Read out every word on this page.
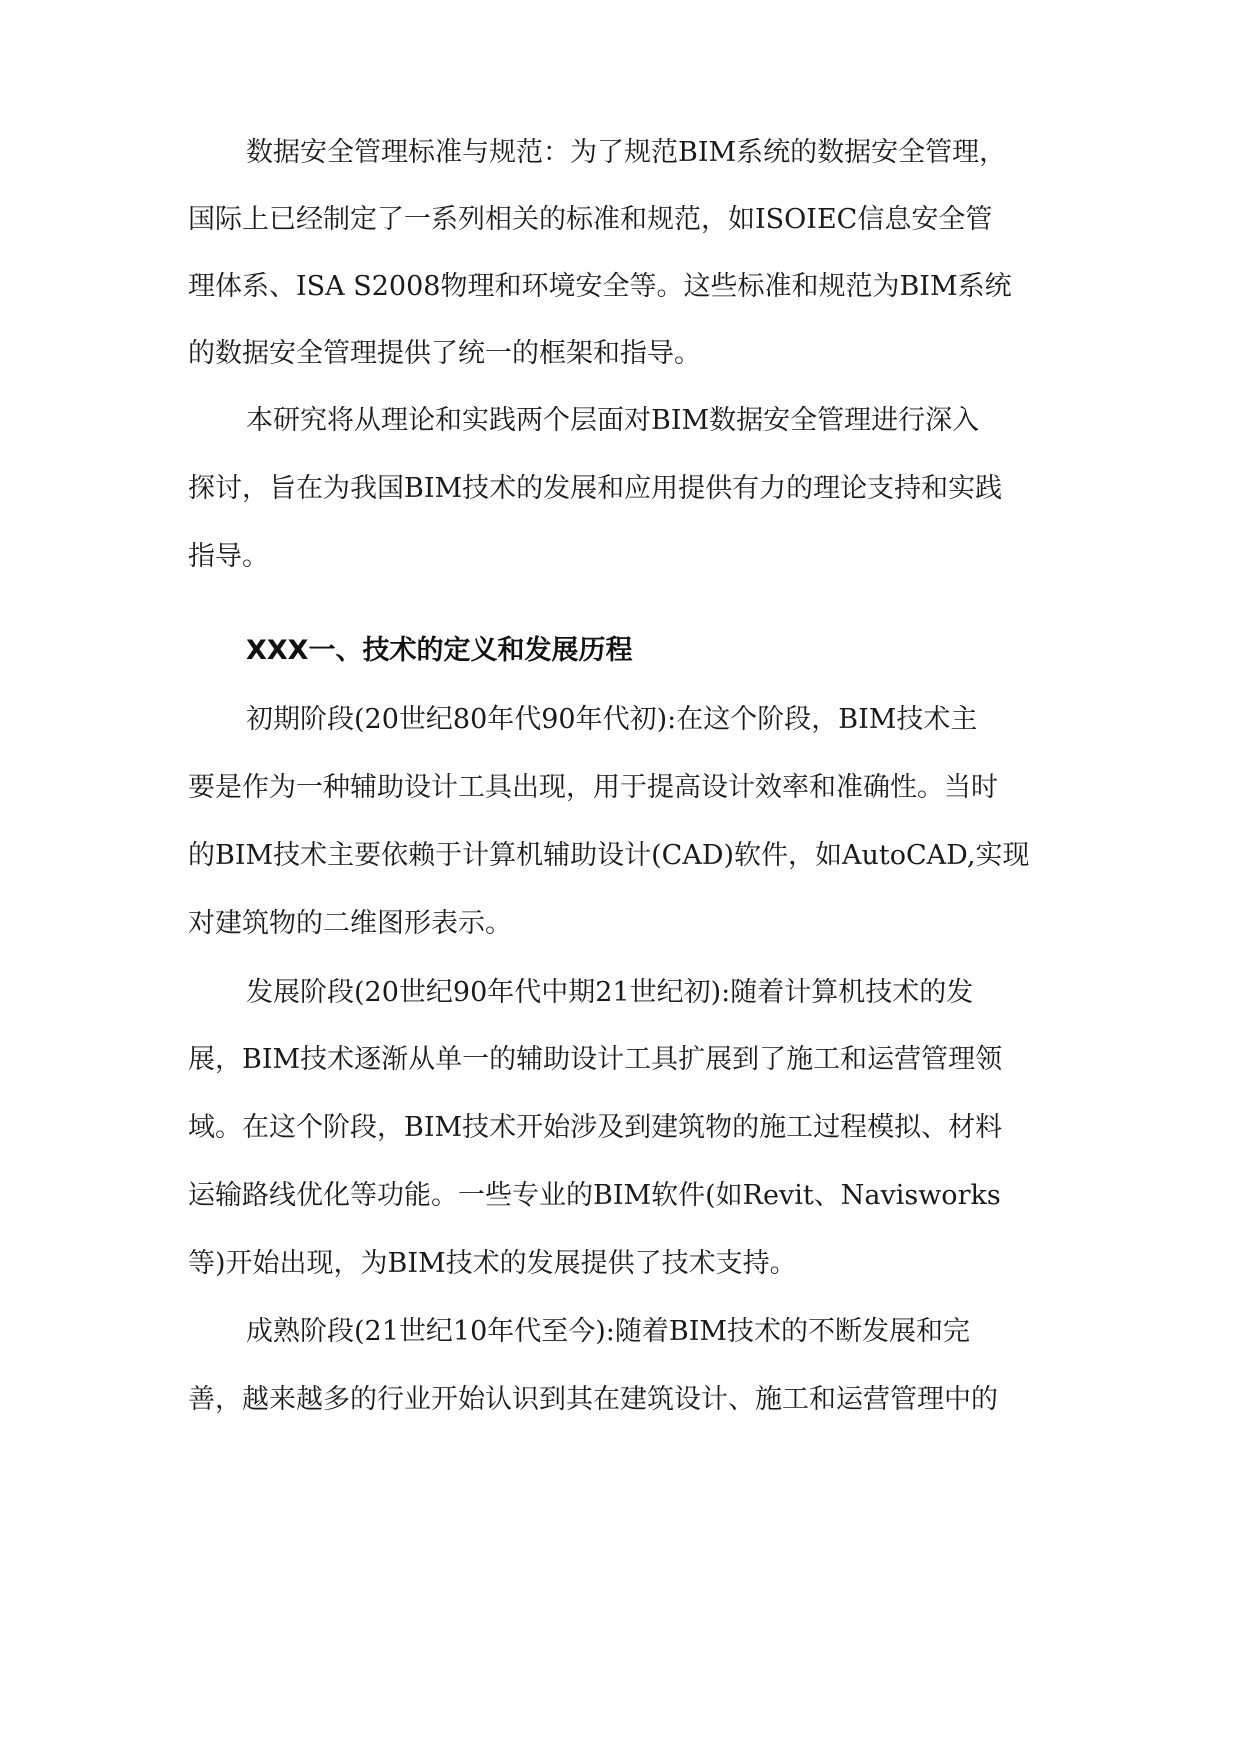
数据安全管理标准与规范：为了规范BIM系统的数据安全管理，

国际上已经制定了一系列相关的标准和规范，如ISOIEC信息安全管

理体系、ISA S2008物理和环境安全等。这些标准和规范为BIM系统

的数据安全管理提供了统一的框架和指导。

本研究将从理论和实践两个层面对BIM数据安全管理进行深入

探讨，旨在为我国BIM技术的发展和应用提供有力的理论支持和实践

指导。

XXX一、技术的定义和发展历程

初期阶段(20世纪80年代90年代初):在这个阶段，BIM技术主

要是作为一种辅助设计工具出现，用于提高设计效率和准确性。当时

的BIM技术主要依赖于计算机辅助设计(CAD)软件，如AutoCAD,实现

对建筑物的二维图形表示。

发展阶段(20世纪90年代中期21世纪初):随着计算机技术的发

展，BIM技术逐渐从单一的辅助设计工具扩展到了施工和运营管理领

域。在这个阶段，BIM技术开始涉及到建筑物的施工过程模拟、材料

运输路线优化等功能。一些专业的BIM软件(如Revit、Navisworks

等)开始出现，为BIM技术的发展提供了技术支持。

成熟阶段(21世纪10年代至今):随着BIM技术的不断发展和完

善，越来越多的行业开始认识到其在建筑设计、施工和运营管理中的
